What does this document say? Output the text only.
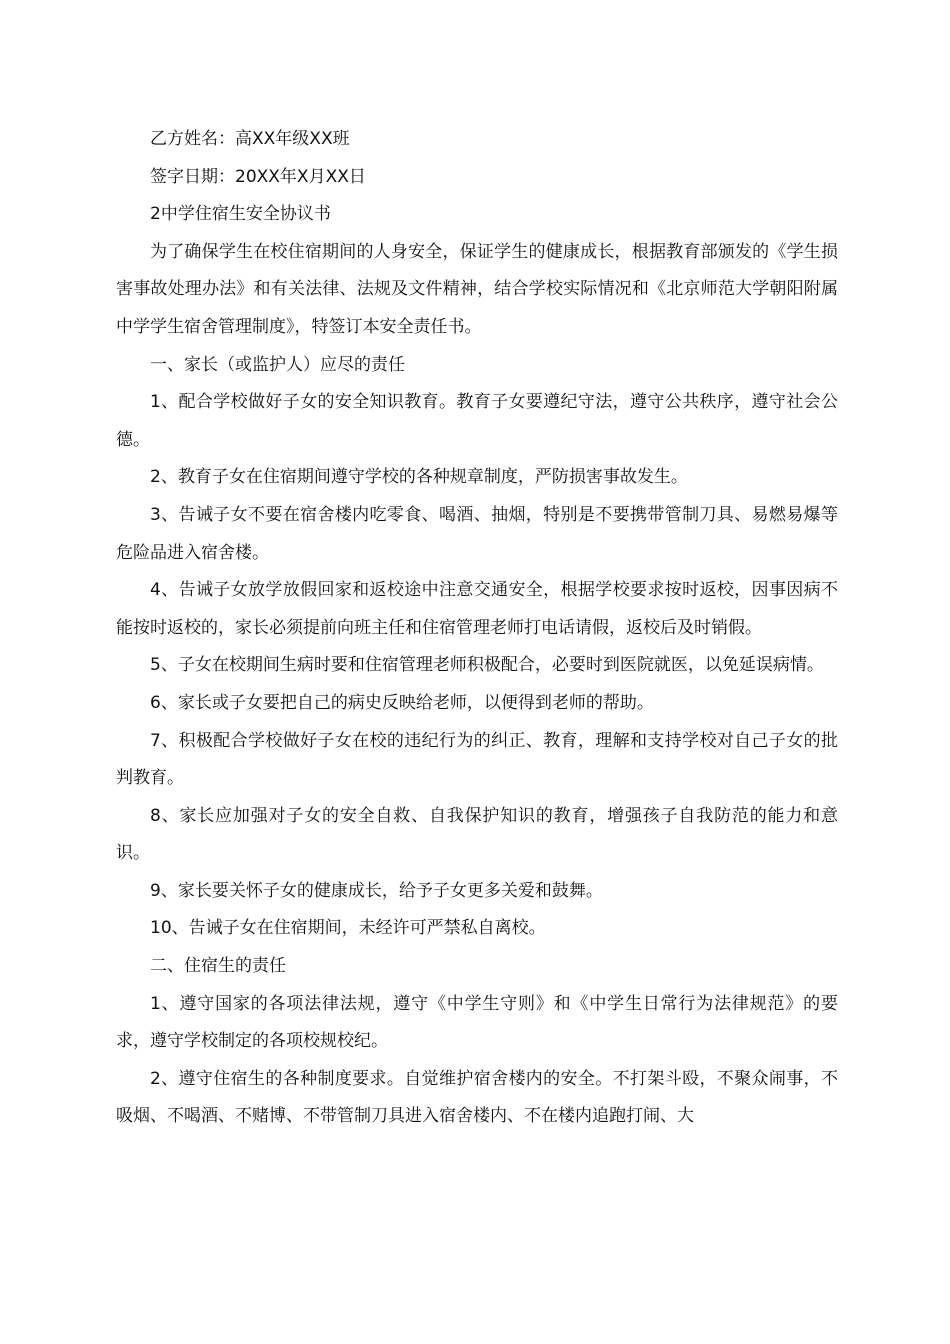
乙方姓名：高XX年级XX班

签字日期：20XX年X月XX日

2中学住宿生安全协议书

为了确保学生在校住宿期间的人身安全，保证学生的健康成长，根据教育部颁发的《学生损害事故处理办法》和有关法律、法规及文件精神，结合学校实际情况和《北京师范大学朝阳附属中学学生宿舍管理制度》，特签订本安全责任书。

一、家长（或监护人）应尽的责任

1、配合学校做好子女的安全知识教育。教育子女要遵纪守法，遵守公共秩序，遵守社会公德。

2、教育子女在住宿期间遵守学校的各种规章制度，严防损害事故发生。

3、告诫子女不要在宿舍楼内吃零食、喝酒、抽烟，特别是不要携带管制刀具、易燃易爆等危险品进入宿舍楼。

4、告诫子女放学放假回家和返校途中注意交通安全，根据学校要求按时返校，因事因病不能按时返校的，家长必须提前向班主任和住宿管理老师打电话请假，返校后及时销假。

5、子女在校期间生病时要和住宿管理老师积极配合，必要时到医院就医，以免延误病情。

6、家长或子女要把自己的病史反映给老师，以便得到老师的帮助。

7、积极配合学校做好子女在校的违纪行为的纠正、教育，理解和支持学校对自己子女的批判教育。

8、家长应加强对子女的安全自救、自我保护知识的教育，增强孩子自我防范的能力和意识。

9、家长要关怀子女的健康成长，给予子女更多关爱和鼓舞。

10、告诫子女在住宿期间，未经许可严禁私自离校。

二、住宿生的责任

1、遵守国家的各项法律法规，遵守《中学生守则》和《中学生日常行为法律规范》的要求，遵守学校制定的各项校规校纪。

2、遵守住宿生的各种制度要求。自觉维护宿舍楼内的安全。不打架斗殴，不聚众闹事，不吸烟、不喝酒、不赌博、不带管制刀具进入宿舍楼内、不在楼内追跑打闹、大
